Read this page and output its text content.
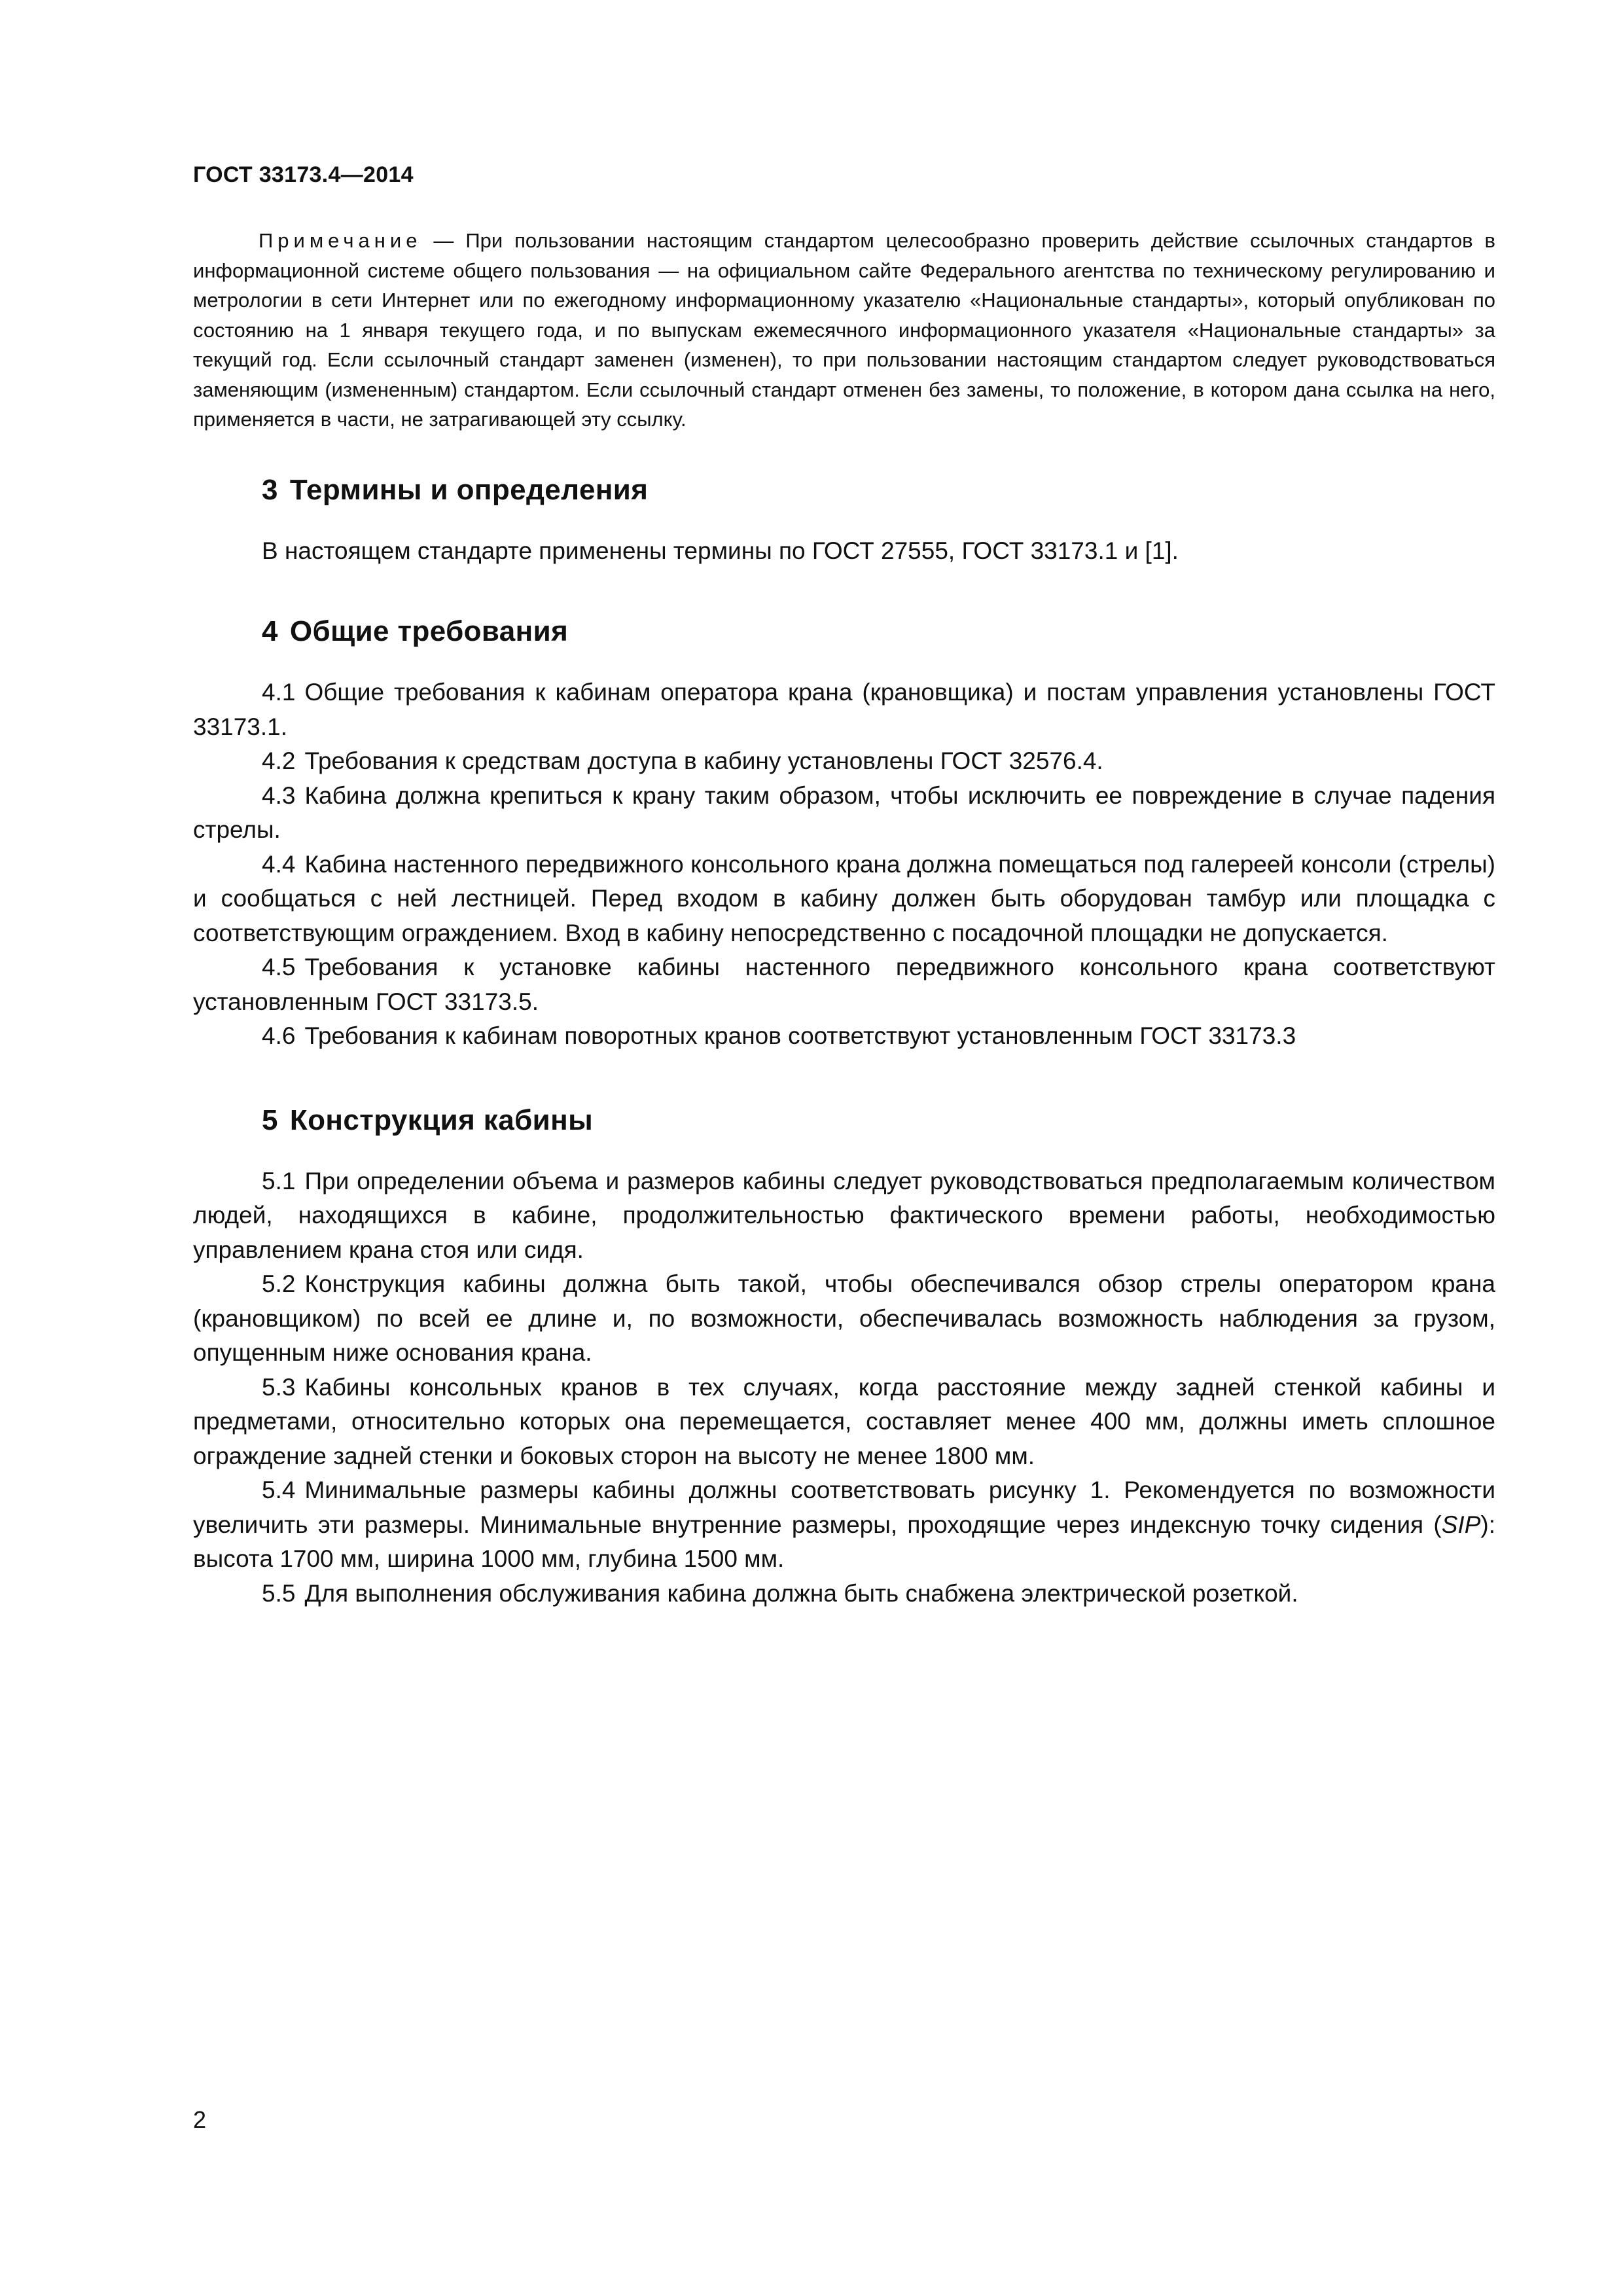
ГОСТ 33173.4—2014

Примечание — При пользовании настоящим стандартом целесообразно проверить действие ссылочных стандартов в информационной системе общего пользования — на официальном сайте Федерального агентства по техническому регулированию и метрологии в сети Интернет или по ежегодному информационному указателю «Национальные стандарты», который опубликован по состоянию на 1 января текущего года, и по выпускам ежемесячного информационного указателя «Национальные стандарты» за текущий год. Если ссылочный стандарт заменен (изменен), то при пользовании настоящим стандартом следует руководствоваться заменяющим (измененным) стандартом. Если ссылочный стандарт отменен без замены, то положение, в котором дана ссылка на него, применяется в части, не затрагивающей эту ссылку.

3 Термины и определения

В настоящем стандарте применены термины по ГОСТ 27555, ГОСТ 33173.1 и [1].

4 Общие требования

4.1 Общие требования к кабинам оператора крана (крановщика) и постам управления установлены ГОСТ 33173.1.

4.2 Требования к средствам доступа в кабину установлены ГОСТ 32576.4.

4.3 Кабина должна крепиться к крану таким образом, чтобы исключить ее повреждение в случае падения стрелы.

4.4 Кабина настенного передвижного консольного крана должна помещаться под галереей консоли (стрелы) и сообщаться с ней лестницей. Перед входом в кабину должен быть оборудован тамбур или площадка с соответствующим ограждением. Вход в кабину непосредственно с посадочной площадки не допускается.

4.5 Требования к установке кабины настенного передвижного консольного крана соответствуют установленным ГОСТ 33173.5.

4.6 Требования к кабинам поворотных кранов соответствуют установленным ГОСТ 33173.3

5 Конструкция кабины

5.1 При определении объема и размеров кабины следует руководствоваться предполагаемым количеством людей, находящихся в кабине, продолжительностью фактического времени работы, необходимостью управлением крана стоя или сидя.

5.2 Конструкция кабины должна быть такой, чтобы обеспечивался обзор стрелы оператором крана (крановщиком) по всей ее длине и, по возможности, обеспечивалась возможность наблюдения за грузом, опущенным ниже основания крана.

5.3 Кабины консольных кранов в тех случаях, когда расстояние между задней стенкой кабины и предметами, относительно которых она перемещается, составляет менее 400 мм, должны иметь сплошное ограждение задней стенки и боковых сторон на высоту не менее 1800 мм.

5.4 Минимальные размеры кабины должны соответствовать рисунку 1. Рекомендуется по возможности увеличить эти размеры. Минимальные внутренние размеры, проходящие через индексную точку сидения (SIP): высота 1700 мм, ширина 1000 мм, глубина 1500 мм.

5.5 Для выполнения обслуживания кабина должна быть снабжена электрической розеткой.

2
